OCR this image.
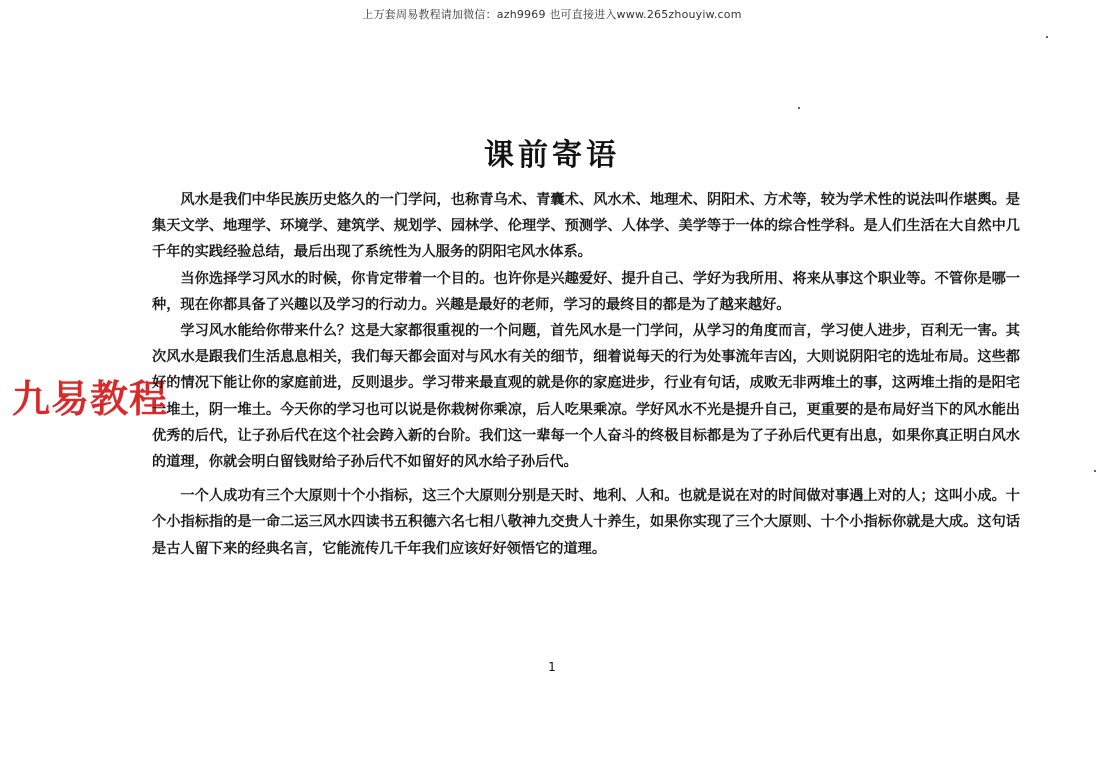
上万套周易教程请加微信：azh9969 也可直接进入www.265zhouyiw.com
课前寄语
九易教程

风水是我们中华民族历史悠久的一门学问，也称青乌术、青囊术、风水术、地理术、阴阳术、方术等，较为学术性的说法叫作堪舆。是集天文学、地理学、环境学、建筑学、规划学、园林学、伦理学、预测学、人体学、美学等于一体的综合性学科。是人们生活在大自然中几千年的实践经验总结，最后出现了系统性为人服务的阴阳宅风水体系。

当你选择学习风水的时候，你肯定带着一个目的。也许你是兴趣爱好、提升自己、学好为我所用、将来从事这个职业等。不管你是哪一种，现在你都具备了兴趣以及学习的行动力。兴趣是最好的老师，学习的最终目的都是为了越来越好。

学习风水能给你带来什么？这是大家都很重视的一个问题，首先风水是一门学问，从学习的角度而言，学习使人进步，百利无一害。其次风水是跟我们生活息息相关，我们每天都会面对与风水有关的细节，细着说每天的行为处事流年吉凶，大则说阴阳宅的选址布局。这些都好的情况下能让你的家庭前进，反则退步。学习带来最直观的就是你的家庭进步，行业有句话，成败无非两堆土的事，这两堆土指的是阳宅一堆土，阴一堆土。今天你的学习也可以说是你栽树你乘凉，后人吃果乘凉。学好风水不光是提升自己，更重要的是布局好当下的风水能出优秀的后代，让子孙后代在这个社会跨入新的台阶。我们这一辈每一个人奋斗的终极目标都是为了子孙后代更有出息，如果你真正明白风水的道理，你就会明白留钱财给子孙后代不如留好的风水给子孙后代。

一个人成功有三个大原则十个小指标，这三个大原则分别是天时、地利、人和。也就是说在对的时间做对事遇上对的人；这叫小成。十个小指标指的是一命二运三风水四读书五积德六名七相八敬神九交贵人十养生，如果你实现了三个大原则、十个小指标你就是大成。这句话是古人留下来的经典名言，它能流传几千年我们应该好好领悟它的道理。

1
